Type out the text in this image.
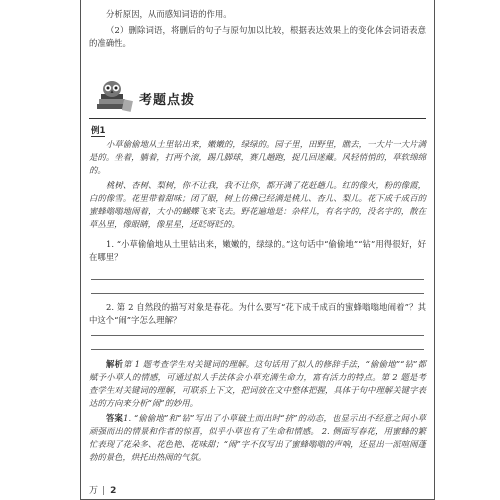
分析原因，从而感知词语的作用。

（2）删除词语，将删后的句子与原句加以比较，根据表达效果上的变化体会词语表意的准确性。

考题点拨
例1

小草偷偷地从土里钻出来，嫩嫩的，绿绿的。园子里，田野里，瞧去，一大片一大片满是的。坐着，躺着，打两个滚，踢几脚球，赛几趟跑，捉几回迷藏。风轻悄悄的，草软绵绵的。

桃树、杏树、梨树，你不让我，我不让你，都开满了花赶趟儿。红的像火，粉的像霞，白的像雪。花里带着甜味；闭了眼，树上仿佛已经满是桃儿、杏儿、梨儿。花下成千成百的蜜蜂嗡嗡地闹着，大小的蝴蝶飞来飞去。野花遍地是：杂样儿，有名字的，没名字的，散在草丛里，像眼睛，像星星，还眨呀眨的。

1. “小草偷偷地从土里钻出来，嫩嫩的，绿绿的。”这句话中“偷偷地”“钻”用得很好，好在哪里？

2. 第 2 自然段的描写对象是春花。为什么要写“花下成千成百的蜜蜂嗡嗡地闹着”？其中这个“闹”字怎么理解？

解析第 1 题考查学生对关键词的理解。这句话用了拟人的修辞手法，“偷偷地”“钻”都赋予小草人的情感，可通过拟人手法体会小草充满生命力，富有活力的特点。第 2 题是考查学生对关键词的理解，可联系上下文，把词放在文中整体把握，具体于句中理解关键字表达的方向来分析“闹”的妙用。

答案1. “偷偷地”和“钻”写出了小草破土而出时“挤”的动态，也显示出不经意之间小草顽强而出的情景和作者的惊喜，似乎小草也有了生命和情感。 2. 侧面写春花，用蜜蜂的繁忙表现了花朵多、花色艳、花味甜；“闹”字不仅写出了蜜蜂嗡嗡的声响，还显出一派喧闹蓬勃的景色，烘托出热闹的气氛。

万 | 2
